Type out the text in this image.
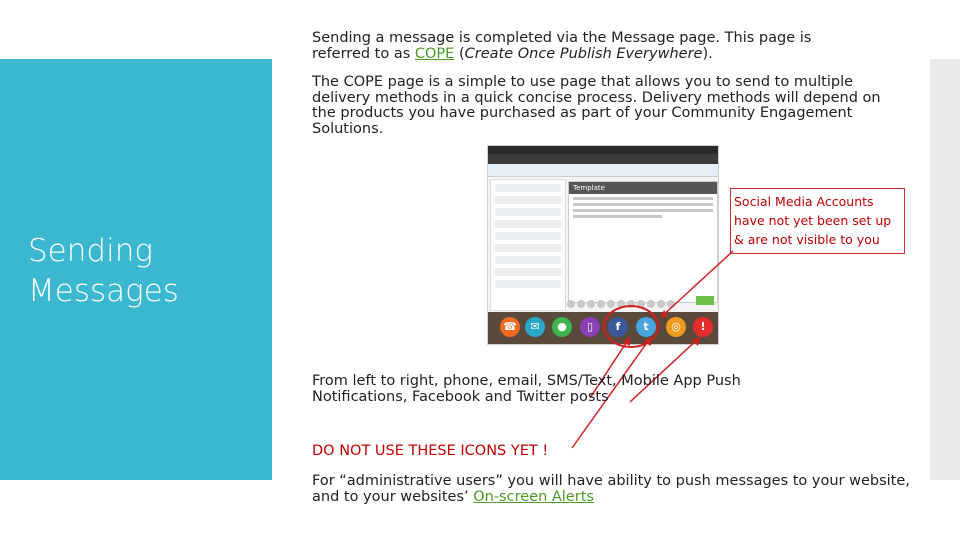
Sending
Messages
Sending a message is completed via the Message page. This page is referred to as COPE (Create Once Publish Everywhere).
The COPE page is a simple to use page that allows you to send to multiple delivery methods in a quick concise process. Delivery methods will depend on the products you have purchased as part of your Community Engagement Solutions.
Template
☎	✉	●	▯	f	t	◎	!
Social Media Accounts have not yet been set up & are not visible to you
From left to right, phone, email, SMS/Text, Mobile App Push Notifications, Facebook and Twitter posts
DO NOT USE THESE ICONS YET !
For “administrative users” you will have ability to push messages to your website, and to your websites’ On-screen Alerts
